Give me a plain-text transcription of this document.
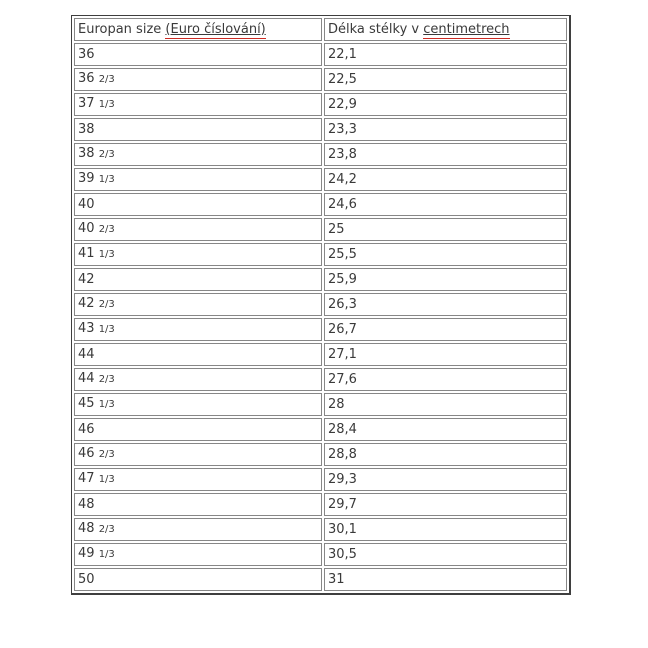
Europan size (Euro číslování)	Délka stélky v centimetrech
36	22,1
36 2/3	22,5
37 1/3	22,9
38	23,3
38 2/3	23,8
39 1/3	24,2
40	24,6
40 2/3	25
41 1/3	25,5
42	25,9
42 2/3	26,3
43 1/3	26,7
44	27,1
44 2/3	27,6
45 1/3	28
46	28,4
46 2/3	28,8
47 1/3	29,3
48	29,7
48 2/3	30,1
49 1/3	30,5
50	31
